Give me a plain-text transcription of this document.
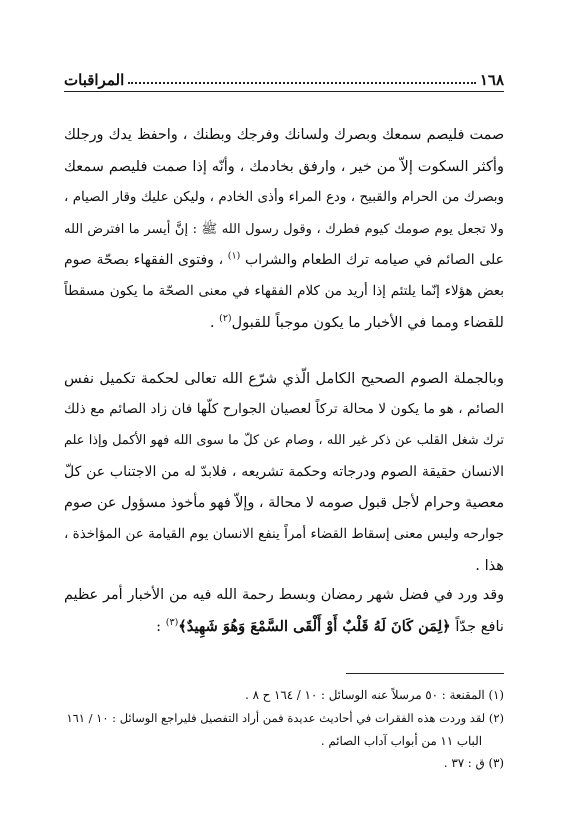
١٦٨
المراقبات
صمت فليصم سمعك وبصرك ولسانك وفرجك وبطنك ، واحفظ يدك ورجلك
وأكثر السكوت إلاّ من خير ، وارفق بخادمك ، وأنّه إذا صمت فليصم سمعك
وبصرك من الحرام والقبيح ، ودع المراء وأذى الخادم ، وليكن عليك وقار الصيام ،
ولا تجعل يوم صومك كيوم فطرك ، وقول رسول الله ﷺ : إنَّ أيسر ما افترض الله
على الصائم في صيامه ترك الطعام والشراب $^{(١)}$ ، وفتوى الفقهاء بصحّة صوم
بعض هؤلاء إنّما يلتئم إذا أريد من كلام الفقهاء في معنى الصحّة ما يكون مسقطاً
للقضاء ومما في الأخبار ما يكون موجباً للقبول$^{(٢)}$ .
وبالجملة الصوم الصحيح الكامل الّذي شرّع الله تعالى لحكمة تكميل نفس
الصائم ، هو ما يكون لا محالة تركاً لعصيان الجوارح كلّها فان زاد الصائم مع ذلك
ترك شغل القلب عن ذكر غير الله ، وصام عن كلّ ما سوى الله فهو الأكمل وإذا علم
الانسان حقيقة الصوم ودرجاته وحكمة تشريعه ، فلابدّ له من الاجتناب عن كلّ
معصية وحرام لأجل قبول صومه لا محالة ، وإلاّ فهو مأخوذ مسؤول عن صوم
جوارحه وليس معنى إسقاط القضاء أمراً ينفع الانسان يوم القيامة عن المؤاخذة ،
هذا .
وقد ورد في فضل شهر رمضان وبسط رحمة الله فيه من الأخبار أمر عظيم
نافع جدّاً ﴿لِمَن كَانَ لَهُ قَلْبٌ أَوْ أَلْقَى السَّمْعَ وَهُوَ شَهِيدٌ﴾$^{(٣)}$ :
(١) المقنعة : ٥٠ مرسلاً عنه الوسائل : ١٠ / ١٦٤ ح ٨ .
(٢) لقد وردت هذه الفقرات في أحاديث عديدة فمن أراد التفصيل فليراجع الوسائل : ١٠ / ١٦١
الباب ١١ من أبواب آداب الصائم .
(٣) ق : ٣٧ .
